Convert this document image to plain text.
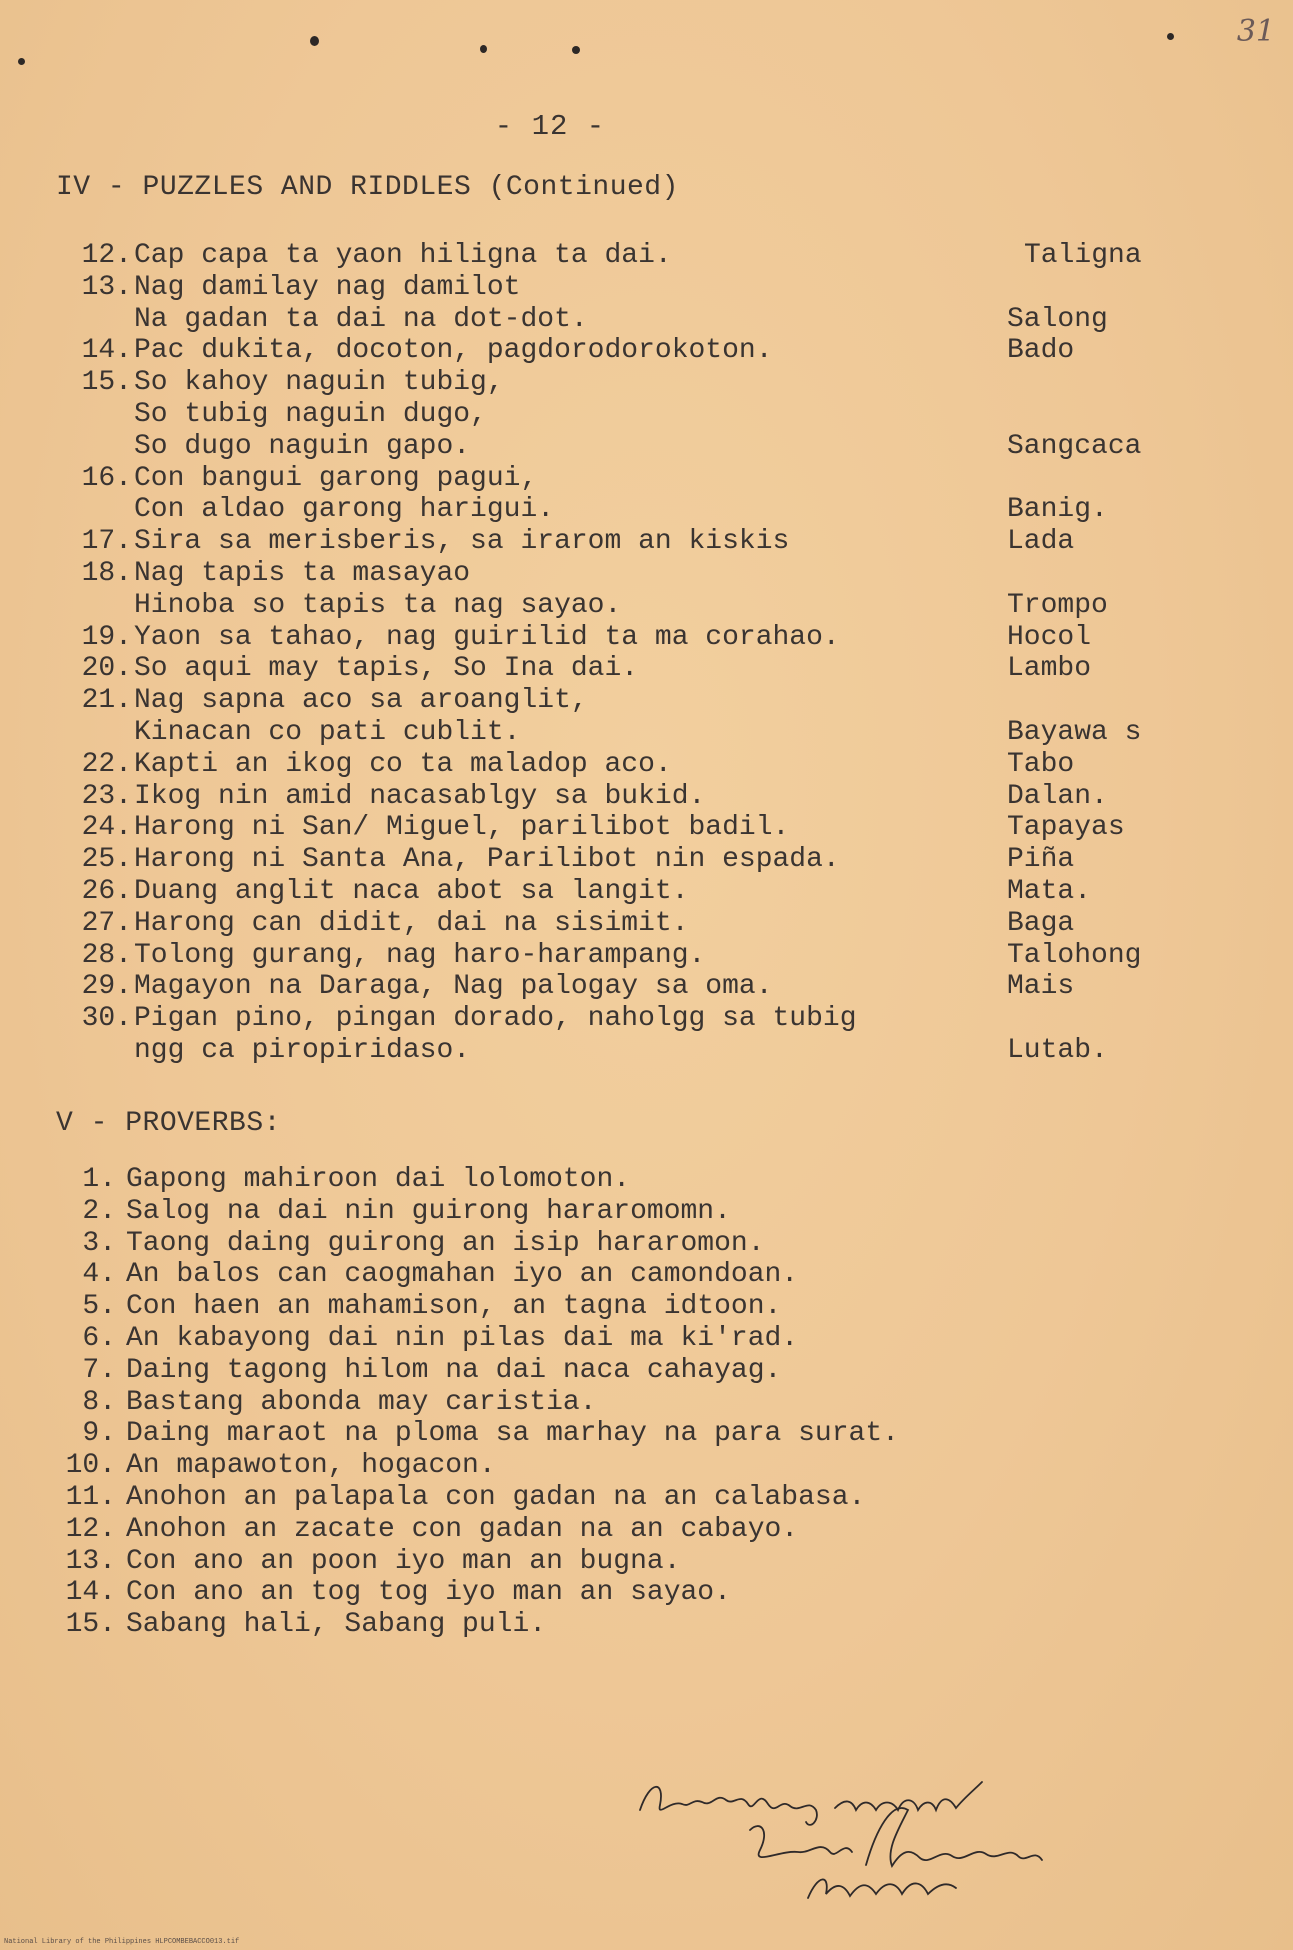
31
- 12 -
IV - PUZZLES AND RIDDLES (Continued)
12. Cap capa ta yaon hiligna ta dai.	Taligna
13. Nag damilay nag damilot
Na gadan ta dai na dot-dot.	Salong
14. Pac dukita, docoton, pagdorodorokoton.	Bado
15. So kahoy naguin tubig,
So tubig naguin dugo,
So dugo naguin gapo.	Sangcaca
16. Con bangui garong pagui,
Con aldao garong harigui.	Banig.
17. Sira sa merisberis, sa irarom an kiskis	Lada
18. Nag tapis ta masayao
Hinoba so tapis ta nag sayao.	Trompo
19. Yaon sa tahao, nag guirilid ta ma corahao.	Hocol
20. So aqui may tapis, So Ina dai.	Lambo
21. Nag sapna aco sa aroanglit,
Kinacan co pati cublit.	Bayawa s
22. Kapti an ikog co ta maladop aco.	Tabo
23. Ikog nin amid nacasablgy sa bukid.	Dalan.
24. Harong ni San/ Miguel, parilibot badil.	Tapayas
25. Harong ni Santa Ana, Parilibot nin espada.	Piña
26. Duang anglit naca abot sa langit.	Mata.
27. Harong can didit, dai na sisimit.	Baga
28. Tolong gurang, nag haro-harampang.	Talohong
29. Magayon na Daraga, Nag palogay sa oma.	Mais
30. Pigan pino, pingan dorado, naholgg sa tubig
ngg ca piropiridaso.	Lutab.
V - PROVERBS:
1. Gapong mahiroon dai lolomoton.
2. Salog na dai nin guirong hararomomn.
3. Taong daing guirong an isip hararomon.
4. An balos can caogmahan iyo an camondoan.
5. Con haen an mahamison, an tagna idtoon.
6. An kabayong dai nin pilas dai ma ki'rad.
7. Daing tagong hilom na dai naca cahayag.
8. Bastang abonda may caristia.
9. Daing maraot na ploma sa marhay na para surat.
10. An mapawoton, hogacon.
11. Anohon an palapala con gadan na an calabasa.
12. Anohon an zacate con gadan na an cabayo.
13. Con ano an poon iyo man an bugna.
14. Con ano an tog tog iyo man an sayao.
15. Sabang hali, Sabang puli.
Respectfully submitted,
National Library of the Philippines HLPCOMBEBACCO013.tif
